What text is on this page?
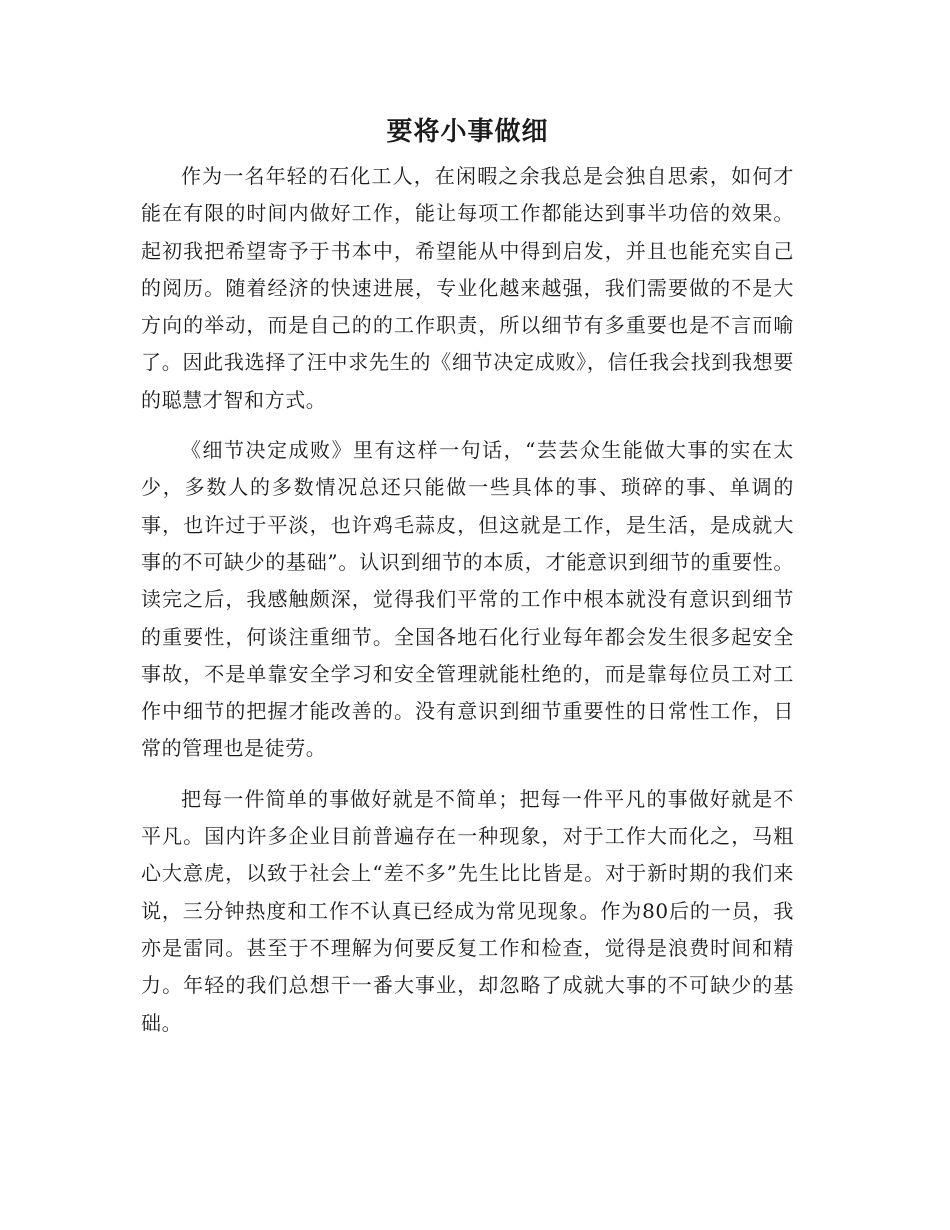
要将小事做细

作为一名年轻的石化工人，在闲暇之余我总是会独自思索，如何才能在有限的时间内做好工作，能让每项工作都能达到事半功倍的效果。起初我把希望寄予于书本中，希望能从中得到启发，并且也能充实自己的阅历。随着经济的快速进展，专业化越来越强，我们需要做的不是大方向的举动，而是自己的的工作职责，所以细节有多重要也是不言而喻了。因此我选择了汪中求先生的《细节决定成败》，信任我会找到我想要的聪慧才智和方式。

《细节决定成败》里有这样一句话，“芸芸众生能做大事的实在太少，多数人的多数情况总还只能做一些具体的事、琐碎的事、单调的事，也许过于平淡，也许鸡毛蒜皮，但这就是工作，是生活，是成就大事的不可缺少的基础”。认识到细节的本质，才能意识到细节的重要性。读完之后，我感触颇深，觉得我们平常的工作中根本就没有意识到细节的重要性，何谈注重细节。全国各地石化行业每年都会发生很多起安全事故，不是单靠安全学习和安全管理就能杜绝的，而是靠每位员工对工作中细节的把握才能改善的。没有意识到细节重要性的日常性工作，日常的管理也是徒劳。

把每一件简单的事做好就是不简单；把每一件平凡的事做好就是不平凡。国内许多企业目前普遍存在一种现象，对于工作大而化之，马粗心大意虎，以致于社会上“差不多”先生比比皆是。对于新时期的我们来说，三分钟热度和工作不认真已经成为常见现象。作为80后的一员，我亦是雷同。甚至于不理解为何要反复工作和检查，觉得是浪费时间和精力。年轻的我们总想干一番大事业，却忽略了成就大事的不可缺少的基础。
